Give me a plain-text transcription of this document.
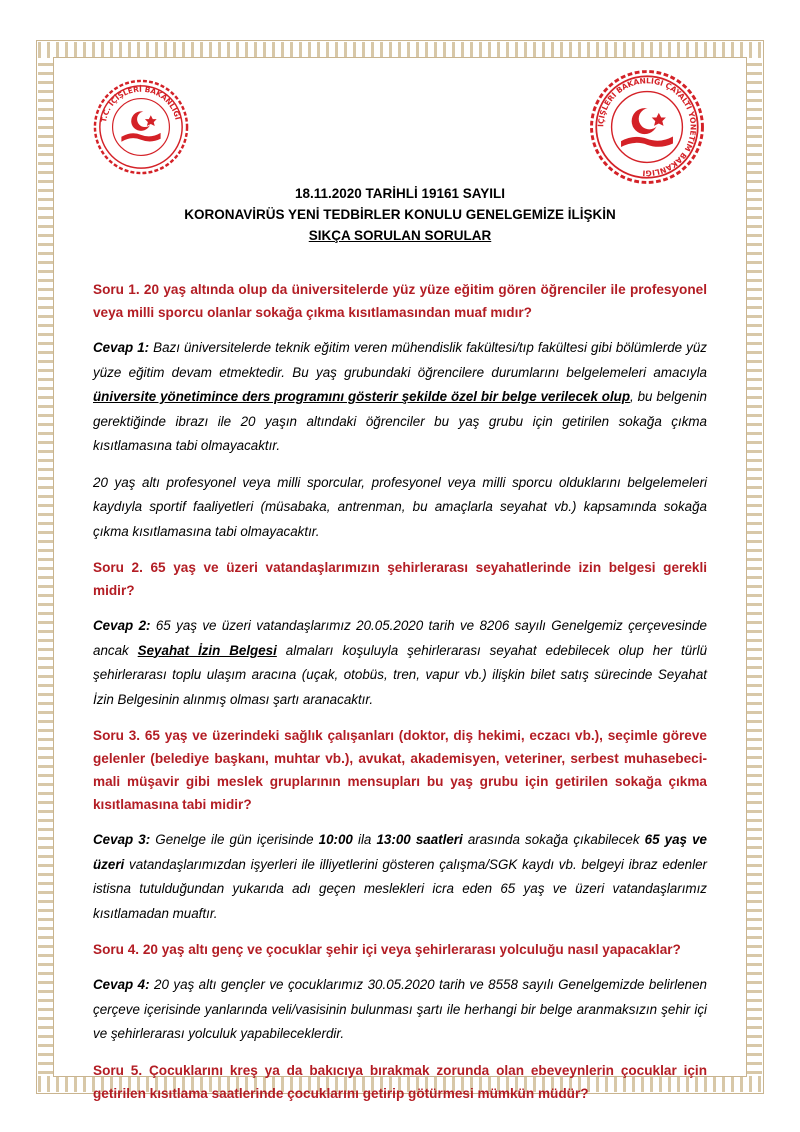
T.C. İÇİŞLERİ BAKANLIĞI
İÇİŞLERİ BAKANLIĞI ÇAYALTI YÖNETİM BAKANLIĞI
18.11.2020 TARİHLİ 19161 SAYILI
KORONAVİRÜS YENİ TEDBİRLER KONULU GENELGEMİZE İLİŞKİN
SIKÇA SORULAN SORULAR

Soru 1. 20 yaş altında olup da üniversitelerde yüz yüze eğitim gören öğrenciler ile profesyonel veya milli sporcu olanlar sokağa çıkma kısıtlamasından muaf mıdır?

Cevap 1: Bazı üniversitelerde teknik eğitim veren mühendislik fakültesi/tıp fakültesi gibi bölümlerde yüz yüze eğitim devam etmektedir. Bu yaş grubundaki öğrencilere durumlarını belgelemeleri amacıyla üniversite yönetimince ders programını gösterir şekilde özel bir belge verilecek olup, bu belgenin gerektiğinde ibrazı ile 20 yaşın altındaki öğrenciler bu yaş grubu için getirilen sokağa çıkma kısıtlamasına tabi olmayacaktır.

20 yaş altı profesyonel veya milli sporcular, profesyonel veya milli sporcu olduklarını belgelemeleri kaydıyla sportif faaliyetleri (müsabaka, antrenman, bu amaçlarla seyahat vb.) kapsamında sokağa çıkma kısıtlamasına tabi olmayacaktır.

Soru 2. 65 yaş ve üzeri vatandaşlarımızın şehirlerarası seyahatlerinde izin belgesi gerekli midir?

Cevap 2: 65 yaş ve üzeri vatandaşlarımız 20.05.2020 tarih ve 8206 sayılı Genelgemiz çerçevesinde ancak Seyahat İzin Belgesi almaları koşuluyla şehirlerarası seyahat edebilecek olup her türlü şehirlerarası toplu ulaşım aracına (uçak, otobüs, tren, vapur vb.) ilişkin bilet satış sürecinde Seyahat İzin Belgesinin alınmış olması şartı aranacaktır.

Soru 3. 65 yaş ve üzerindeki sağlık çalışanları (doktor, diş hekimi, eczacı vb.), seçimle göreve gelenler (belediye başkanı, muhtar vb.), avukat, akademisyen, veteriner, serbest muhasebeci-mali müşavir gibi meslek gruplarının mensupları bu yaş grubu için getirilen sokağa çıkma kısıtlamasına tabi midir?

Cevap 3: Genelge ile gün içerisinde 10:00 ila 13:00 saatleri arasında sokağa çıkabilecek 65 yaş ve üzeri vatandaşlarımızdan işyerleri ile illiyetlerini gösteren çalışma/SGK kaydı vb. belgeyi ibraz edenler istisna tutulduğundan yukarıda adı geçen meslekleri icra eden 65 yaş ve üzeri vatandaşlarımız kısıtlamadan muaftır.

Soru 4. 20 yaş altı genç ve çocuklar şehir içi veya şehirlerarası yolculuğu nasıl yapacaklar?

Cevap 4: 20 yaş altı gençler ve çocuklarımız 30.05.2020 tarih ve 8558 sayılı Genelgemizde belirlenen çerçeve içerisinde yanlarında veli/vasisinin bulunması şartı ile herhangi bir belge aranmaksızın şehir içi ve şehirlerarası yolculuk yapabileceklerdir.

Soru 5. Çocuklarını kreş ya da bakıcıya bırakmak zorunda olan ebeveynlerin çocuklar için getirilen kısıtlama saatlerinde çocuklarını getirip götürmesi mümkün müdür?
